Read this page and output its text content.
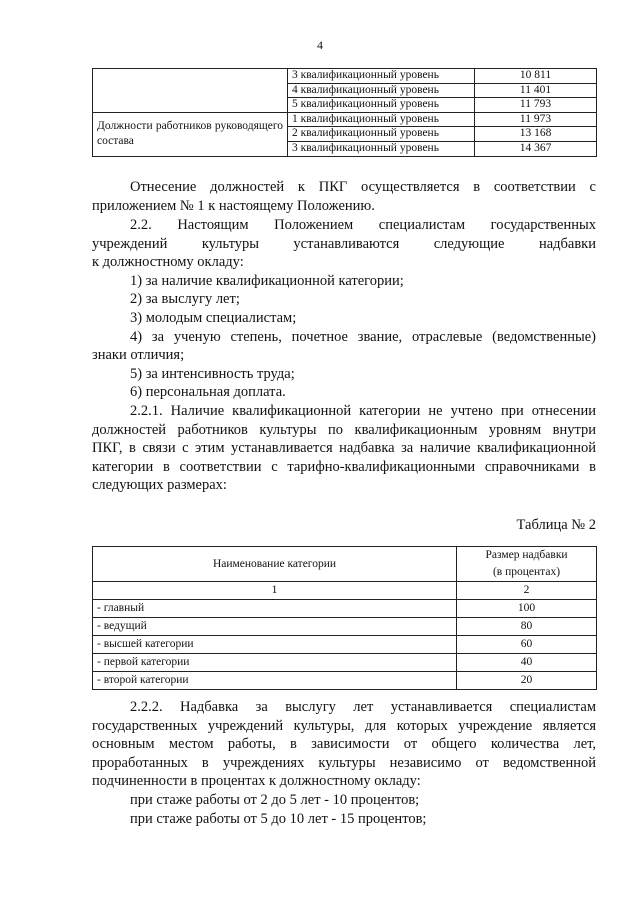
4
	3 квалификационный уровень	10 811
	4 квалификационный уровень	11 401
	5 квалификационный уровень	11 793
Должности работников руководящего состава	1 квалификационный уровень	11 973
	2 квалификационный уровень	13 168
	3 квалификационный уровень	14 367
Отнесение должностей к ПКГ осуществляется в соответствии с
приложением № 1 к настоящему Положению.
2.2. Настоящим Положением специалистам государственных
учреждений культуры устанавливаются следующие надбавки
к должностному окладу:
1) за наличие квалификационной категории;
2) за выслугу лет;
3) молодым специалистам;
4) за ученую степень, почетное звание, отраслевые (ведомственные)
знаки отличия;
5) за интенсивность труда;
6) персональная доплата.
2.2.1. Наличие квалификационной категории не учтено при отнесении
должностей работников культуры по квалификационным уровням внутри
ПКГ, в связи с этим устанавливается надбавка за наличие квалификационной
категории в соответствии с тарифно-квалификационными справочниками в
следующих размерах:
Таблица № 2
Наименование категории	Размер надбавки
(в процентах)

1	2
- главный	100
- ведущий	80
- высшей категории	60
- первой категории	40
- второй категории	20
2.2.2. Надбавка за выслугу лет устанавливается специалистам
государственных учреждений культуры, для которых учреждение является
основным местом работы, в зависимости от общего количества лет,
проработанных в учреждениях культуры независимо от ведомственной
подчиненности в процентах к должностному окладу:
при стаже работы от 2 до 5 лет - 10 процентов;
при стаже работы от 5 до 10 лет - 15 процентов;
